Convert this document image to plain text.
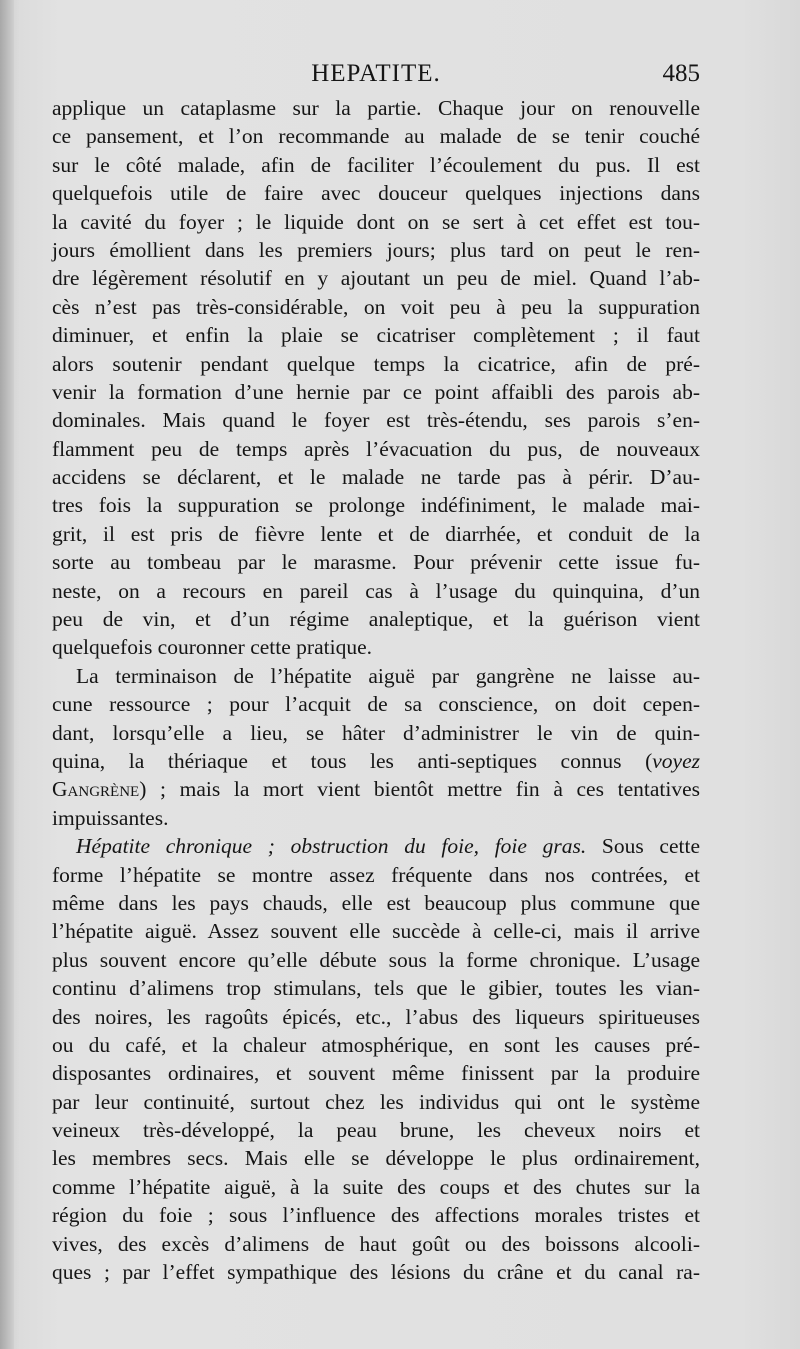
HEPATITE.	485
applique un cataplasme sur la partie. Chaque jour on renouvelle
ce pansement, et l’on recommande au malade de se tenir couché
sur le côté malade, afin de faciliter l’écoulement du pus. Il est
quelquefois utile de faire avec douceur quelques injections dans
la cavité du foyer ; le liquide dont on se sert à cet effet est tou-
jours émollient dans les premiers jours; plus tard on peut le ren-
dre légèrement résolutif en y ajoutant un peu de miel. Quand l’ab-
cès n’est pas très-considérable, on voit peu à peu la suppuration
diminuer, et enfin la plaie se cicatriser complètement ; il faut
alors soutenir pendant quelque temps la cicatrice, afin de pré-
venir la formation d’une hernie par ce point affaibli des parois ab-
dominales. Mais quand le foyer est très-étendu, ses parois s’en-
flamment peu de temps après l’évacuation du pus, de nouveaux
accidens se déclarent, et le malade ne tarde pas à périr. D’au-
tres fois la suppuration se prolonge indéfiniment, le malade mai-
grit, il est pris de fièvre lente et de diarrhée, et conduit de la
sorte au tombeau par le marasme. Pour prévenir cette issue fu-
neste, on a recours en pareil cas à l’usage du quinquina, d’un
peu de vin, et d’un régime analeptique, et la guérison vient
quelquefois couronner cette pratique.
La terminaison de l’hépatite aiguë par gangrène ne laisse au-
cune ressource ; pour l’acquit de sa conscience, on doit cepen-
dant, lorsqu’elle a lieu, se hâter d’administrer le vin de quin-
quina, la thériaque et tous les anti-septiques connus (voyez
Gangrène) ; mais la mort vient bientôt mettre fin à ces tentatives
impuissantes.
Hépatite chronique ; obstruction du foie, foie gras. Sous cette
forme l’hépatite se montre assez fréquente dans nos contrées, et
même dans les pays chauds, elle est beaucoup plus commune que
l’hépatite aiguë. Assez souvent elle succède à celle-ci, mais il arrive
plus souvent encore qu’elle débute sous la forme chronique. L’usage
continu d’alimens trop stimulans, tels que le gibier, toutes les vian-
des noires, les ragoûts épicés, etc., l’abus des liqueurs spiritueuses
ou du café, et la chaleur atmosphérique, en sont les causes pré-
disposantes ordinaires, et souvent même finissent par la produire
par leur continuité, surtout chez les individus qui ont le système
veineux très-développé, la peau brune, les cheveux noirs et
les membres secs. Mais elle se développe le plus ordinairement,
comme l’hépatite aiguë, à la suite des coups et des chutes sur la
région du foie ; sous l’influence des affections morales tristes et
vives, des excès d’alimens de haut goût ou des boissons alcooli-
ques ; par l’effet sympathique des lésions du crâne et du canal ra-
